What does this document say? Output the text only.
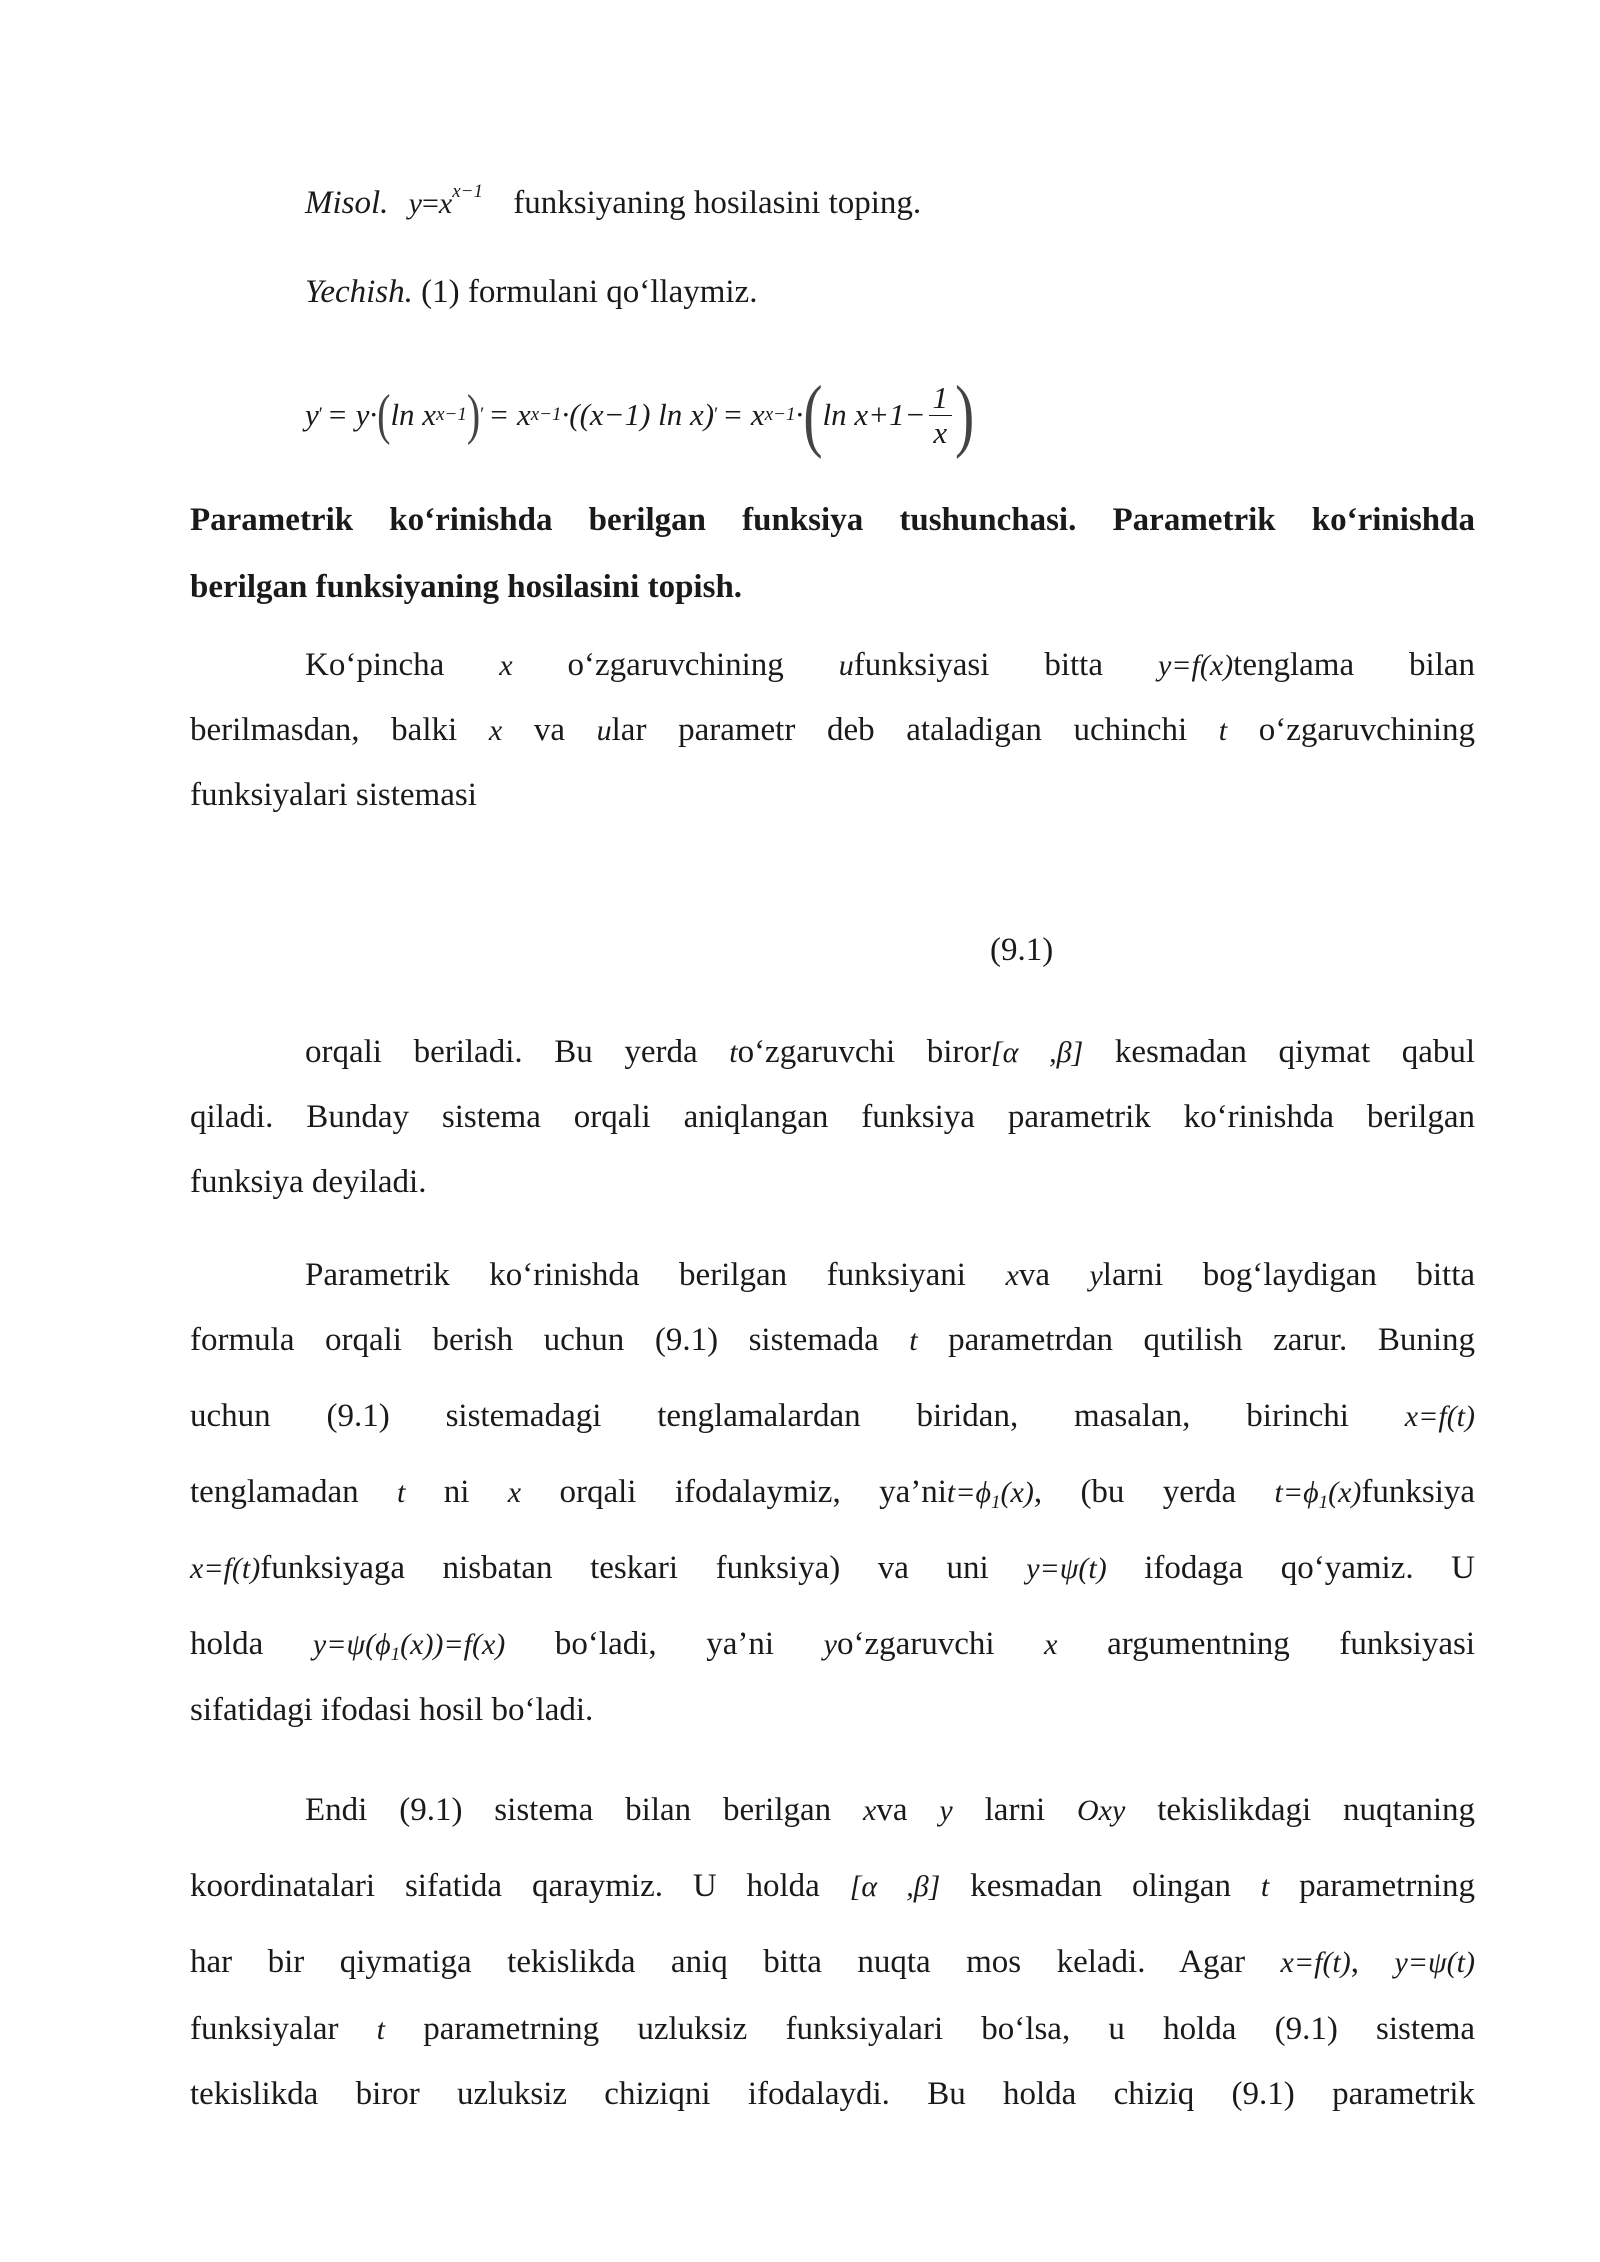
Misol. $y=x^{x-1}$ funksiyaning hosilasini toping.
Yechish. (1) formulani qo‘llaymiz.
y ′ = y· ( ln x x−1 ) ′ = x x−1 ·((x−1) ln x) ′ = x x−1 · ( $\ln x+1- \frac{1}{x}$ )
Parametrik ko‘rinishda berilgan funksiya tushunchasi. Parametrik ko‘rinishda
berilgan funksiyaning hosilasini topish.
Ko‘pincha x o‘zgaruvchining ufunksiyasi bitta y=f(x)tenglama bilan
berilmasdan, balki x va ular parametr deb ataladigan uchinchi t o‘zgaruvchining
funksiyalari sistemasi
(9.1)
orqali beriladi. Bu yerda to‘zgaruvchi biror[α ,β] kesmadan qiymat qabul
qiladi. Bunday sistema orqali aniqlangan funksiya parametrik ko‘rinishda berilgan
funksiya deyiladi.
Parametrik ko‘rinishda berilgan funksiyani xva ylarni bog‘laydigan bitta
formula orqali berish uchun (9.1) sistemada t parametrdan qutilish zarur. Buning
uchun (9.1) sistemadagi tenglamalardan biridan, masalan, birinchi x=f(t)
tenglamadan t ni x orqali ifodalaymiz, $ya’nit=\phi_1(x)$, (bu yerda $t=\phi_1(x)funksiya$
x=f(t)funksiyaga nisbatan teskari funksiya) va uni y=ψ(t) ifodaga qo‘yamiz. U
holda $y=\psi(\phi_1(x))=f(x)$ bo‘ladi, ya’ni yo‘zgaruvchi x argumentning funksiyasi
sifatidagi ifodasi hosil bo‘ladi.
Endi (9.1) sistema bilan berilgan xva y larni Oxy tekislikdagi nuqtaning
koordinatalari sifatida qaraymiz. U holda [α ,β] kesmadan olingan t parametrning
har bir qiymatiga tekislikda aniq bitta nuqta mos keladi. Agar x=f(t), y=ψ(t)
funksiyalar t parametrning uzluksiz funksiyalari bo‘lsa, u holda (9.1) sistema
tekislikda biror uzluksiz chiziqni ifodalaydi. Bu holda chiziq (9.1) parametrik
